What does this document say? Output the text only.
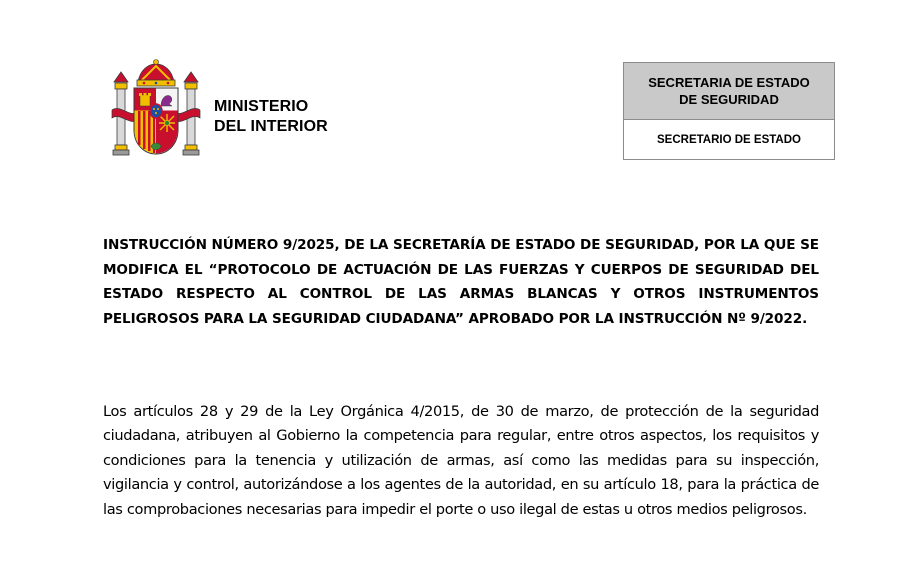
MINISTERIO
DEL INTERIOR
SECRETARIA DE ESTADO
DE SEGURIDAD
SECRETARIO DE ESTADO

INSTRUCCIÓN NÚMERO 9/2025, DE LA SECRETARÍA DE ESTADO DE SEGURIDAD, POR LA QUE SE MODIFICA EL “PROTOCOLO DE ACTUACIÓN DE LAS FUERZAS Y CUERPOS DE SEGURIDAD DEL ESTADO RESPECTO AL CONTROL DE LAS ARMAS BLANCAS Y OTROS INSTRUMENTOS PELIGROSOS PARA LA SEGURIDAD CIUDADANA” APROBADO POR LA INSTRUCCIÓN Nº 9/2022.

Los artículos 28 y 29 de la Ley Orgánica 4/2015, de 30 de marzo, de protección de la seguridad ciudadana, atribuyen al Gobierno la competencia para regular, entre otros aspectos, los requisitos y condiciones para la tenencia y utilización de armas, así como las medidas para su inspección, vigilancia y control, autorizándose a los agentes de la autoridad, en su artículo 18, para la práctica de las comprobaciones necesarias para impedir el porte o uso ilegal de estas u otros medios peligrosos.
